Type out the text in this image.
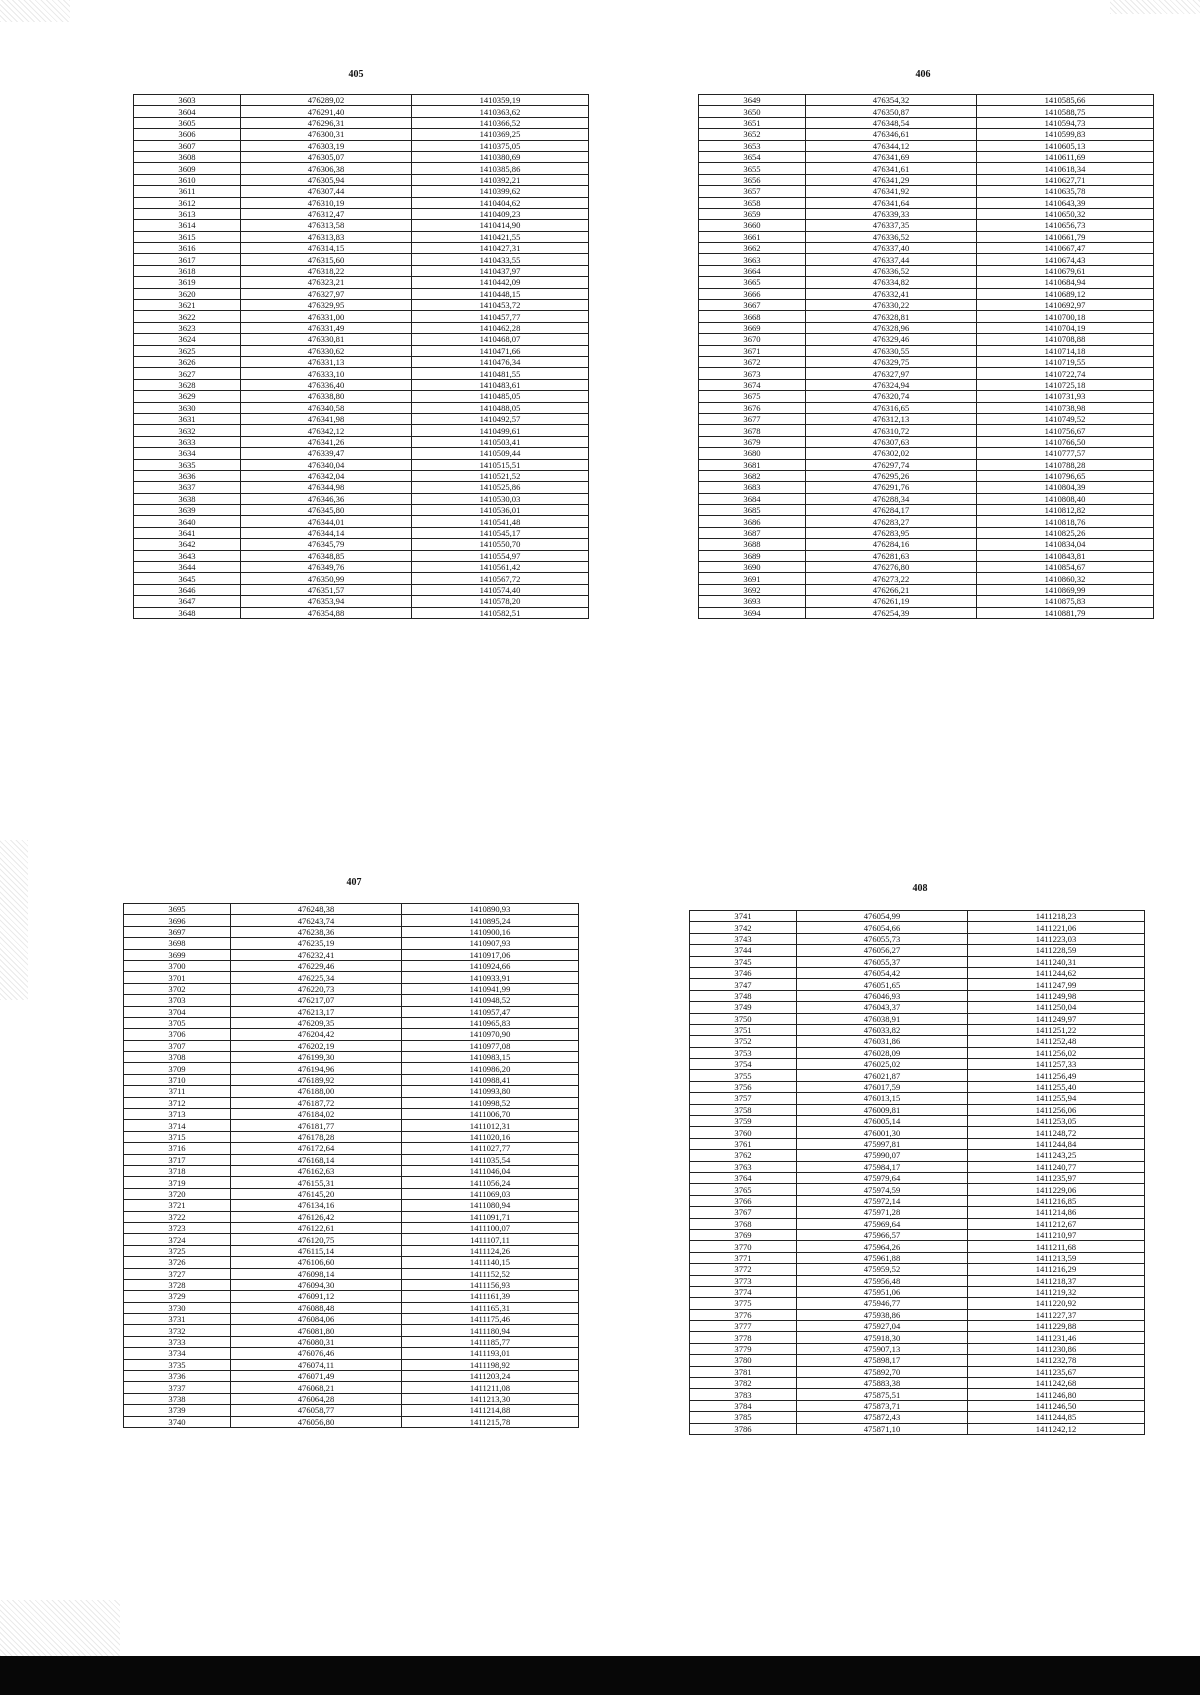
405
3603	476289,02	1410359,19
3604	476291,40	1410363,62
3605	476296,31	1410366,52
3606	476300,31	1410369,25
3607	476303,19	1410375,05
3608	476305,07	1410380,69
3609	476306,38	1410385,86
3610	476305,94	1410392,21
3611	476307,44	1410399,62
3612	476310,19	1410404,62
3613	476312,47	1410409,23
3614	476313,58	1410414,90
3615	476313,83	1410421,55
3616	476314,15	1410427,31
3617	476315,60	1410433,55
3618	476318,22	1410437,97
3619	476323,21	1410442,09
3620	476327,97	1410448,15
3621	476329,95	1410453,72
3622	476331,00	1410457,77
3623	476331,49	1410462,28
3624	476330,81	1410468,07
3625	476330,62	1410471,66
3626	476331,13	1410476,34
3627	476333,10	1410481,55
3628	476336,40	1410483,61
3629	476338,80	1410485,05
3630	476340,58	1410488,05
3631	476341,98	1410492,57
3632	476342,12	1410499,61
3633	476341,26	1410503,41
3634	476339,47	1410509,44
3635	476340,04	1410515,51
3636	476342,04	1410521,52
3637	476344,98	1410525,86
3638	476346,36	1410530,03
3639	476345,80	1410536,01
3640	476344,01	1410541,48
3641	476344,14	1410545,17
3642	476345,79	1410550,70
3643	476348,85	1410554,97
3644	476349,76	1410561,42
3645	476350,99	1410567,72
3646	476351,57	1410574,40
3647	476353,94	1410578,20
3648	476354,88	1410582,51
406
3649	476354,32	1410585,66
3650	476350,87	1410588,75
3651	476348,54	1410594,73
3652	476346,61	1410599,83
3653	476344,12	1410605,13
3654	476341,69	1410611,69
3655	476341,61	1410618,34
3656	476341,29	1410627,71
3657	476341,92	1410635,78
3658	476341,64	1410643,39
3659	476339,33	1410650,32
3660	476337,35	1410656,73
3661	476336,52	1410661,79
3662	476337,40	1410667,47
3663	476337,44	1410674,43
3664	476336,52	1410679,61
3665	476334,82	1410684,94
3666	476332,41	1410689,12
3667	476330,22	1410692,97
3668	476328,81	1410700,18
3669	476328,96	1410704,19
3670	476329,46	1410708,88
3671	476330,55	1410714,18
3672	476329,75	1410719,55
3673	476327,97	1410722,74
3674	476324,94	1410725,18
3675	476320,74	1410731,93
3676	476316,65	1410738,98
3677	476312,13	1410749,52
3678	476310,72	1410756,67
3679	476307,63	1410766,50
3680	476302,02	1410777,57
3681	476297,74	1410788,28
3682	476295,26	1410796,65
3683	476291,76	1410804,39
3684	476288,34	1410808,40
3685	476284,17	1410812,82
3686	476283,27	1410818,76
3687	476283,95	1410825,26
3688	476284,16	1410834,04
3689	476281,63	1410843,81
3690	476276,80	1410854,67
3691	476273,22	1410860,32
3692	476266,21	1410869,99
3693	476261,19	1410875,83
3694	476254,39	1410881,79
407
3695	476248,38	1410890,93
3696	476243,74	1410895,24
3697	476238,36	1410900,16
3698	476235,19	1410907,93
3699	476232,41	1410917,06
3700	476229,46	1410924,66
3701	476225,34	1410933,91
3702	476220,73	1410941,99
3703	476217,07	1410948,52
3704	476213,17	1410957,47
3705	476209,35	1410965,83
3706	476204,42	1410970,90
3707	476202,19	1410977,08
3708	476199,30	1410983,15
3709	476194,96	1410986,20
3710	476189,92	1410988,41
3711	476188,00	1410993,80
3712	476187,72	1410998,52
3713	476184,02	1411006,70
3714	476181,77	1411012,31
3715	476178,28	1411020,16
3716	476172,64	1411027,77
3717	476168,14	1411035,54
3718	476162,63	1411046,04
3719	476155,31	1411056,24
3720	476145,20	1411069,03
3721	476134,16	1411080,94
3722	476126,42	1411091,71
3723	476122,61	1411100,07
3724	476120,75	1411107,11
3725	476115,14	1411124,26
3726	476106,60	1411140,15
3727	476098,14	1411152,52
3728	476094,30	1411156,93
3729	476091,12	1411161,39
3730	476088,48	1411165,31
3731	476084,06	1411175,46
3732	476081,80	1411180,94
3733	476080,31	1411185,77
3734	476076,46	1411193,01
3735	476074,11	1411198,92
3736	476071,49	1411203,24
3737	476068,21	1411211,08
3738	476064,28	1411213,30
3739	476058,77	1411214,88
3740	476056,80	1411215,78
408
3741	476054,99	1411218,23
3742	476054,66	1411221,06
3743	476055,73	1411223,03
3744	476056,27	1411228,59
3745	476055,37	1411240,31
3746	476054,42	1411244,62
3747	476051,65	1411247,99
3748	476046,93	1411249,98
3749	476043,37	1411250,04
3750	476038,91	1411249,97
3751	476033,82	1411251,22
3752	476031,86	1411252,48
3753	476028,09	1411256,02
3754	476025,02	1411257,33
3755	476021,87	1411256,49
3756	476017,59	1411255,40
3757	476013,15	1411255,94
3758	476009,81	1411256,06
3759	476005,14	1411253,05
3760	476001,30	1411248,72
3761	475997,81	1411244,84
3762	475990,07	1411243,25
3763	475984,17	1411240,77
3764	475979,64	1411235,97
3765	475974,59	1411229,06
3766	475972,14	1411216,85
3767	475971,28	1411214,86
3768	475969,64	1411212,67
3769	475966,57	1411210,97
3770	475964,26	1411211,68
3771	475961,88	1411213,59
3772	475959,52	1411216,29
3773	475956,48	1411218,37
3774	475951,06	1411219,32
3775	475946,77	1411220,92
3776	475938,86	1411227,37
3777	475927,04	1411229,88
3778	475918,30	1411231,46
3779	475907,13	1411230,86
3780	475898,17	1411232,78
3781	475892,70	1411235,67
3782	475883,38	1411242,68
3783	475875,51	1411246,80
3784	475873,71	1411246,50
3785	475872,43	1411244,85
3786	475871,10	1411242,12
